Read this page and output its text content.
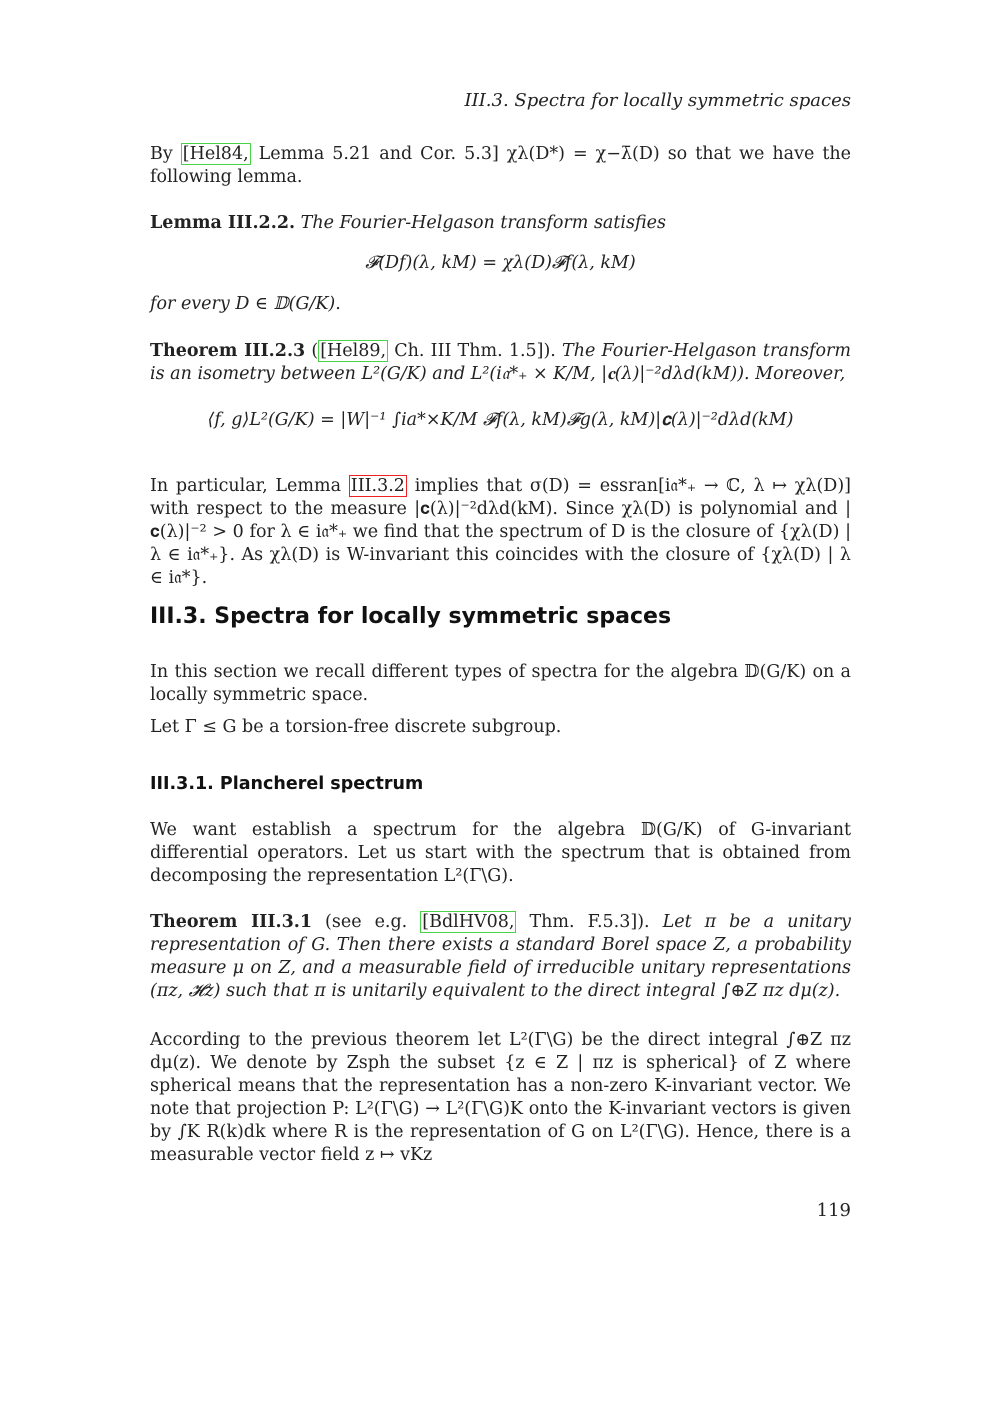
III.3. Spectra for locally symmetric spaces
By [Hel84, Lemma 5.21 and Cor. 5.3] χλ(D*) = χ−λ̄(D) so that we have the following lemma.
Lemma III.2.2. The Fourier-Helgason transform satisfies
𝓕(Df)(λ, kM) = χλ(D)𝓕f(λ, kM)
for every D ∈ 𝔻(G/K).
Theorem III.2.3 ( [Hel89, Ch. III Thm. 1.5]). The Fourier-Helgason transform is an isometry between L²(G/K) and L²(i𝔞*₊ × K/M, |𝐜(λ)|⁻²dλd(kM)). Moreover,
⟨f, g⟩L²(G/K) = |W|⁻¹ ∫ia*×K/M 𝓕f(λ, kM)𝓕g(λ, kM)|𝐜(λ)|⁻²dλd(kM)
In particular, Lemma III.3.2 implies that σ(D) = essran[i𝔞*₊ → ℂ, λ ↦ χλ(D)] with respect to the measure |𝐜(λ)|⁻²dλd(kM). Since χλ(D) is polynomial and |𝐜(λ)|⁻² > 0 for λ ∈ i𝔞*₊ we find that the spectrum of D is the closure of {χλ(D) | λ ∈ i𝔞*₊}. As χλ(D) is W-invariant this coincides with the closure of {χλ(D) | λ ∈ i𝔞*}.
III.3. Spectra for locally symmetric spaces
In this section we recall different types of spectra for the algebra 𝔻(G/K) on a locally symmetric space.
Let Γ ≤ G be a torsion-free discrete subgroup.
III.3.1. Plancherel spectrum
We want establish a spectrum for the algebra 𝔻(G/K) of G-invariant differential operators. Let us start with the spectrum that is obtained from decomposing the representation L²(Γ\G).
Theorem III.3.1 (see e.g. [BdlHV08, Thm. F.5.3]). Let π be a unitary representation of G. Then there exists a standard Borel space Z, a probability measure μ on Z, and a measurable field of irreducible unitary representations (πz, 𝓗z) such that π is unitarily equivalent to the direct integral ∫⊕Z πz dμ(z).
According to the previous theorem let L²(Γ\G) be the direct integral ∫⊕Z πz dμ(z). We denote by Zsph the subset {z ∈ Z | πz is spherical} of Z where spherical means that the representation has a non-zero K-invariant vector. We note that projection P: L²(Γ\G) → L²(Γ\G)K onto the K-invariant vectors is given by ∫K R(k)dk where R is the representation of G on L²(Γ\G). Hence, there is a measurable vector field z ↦ vKz
119
